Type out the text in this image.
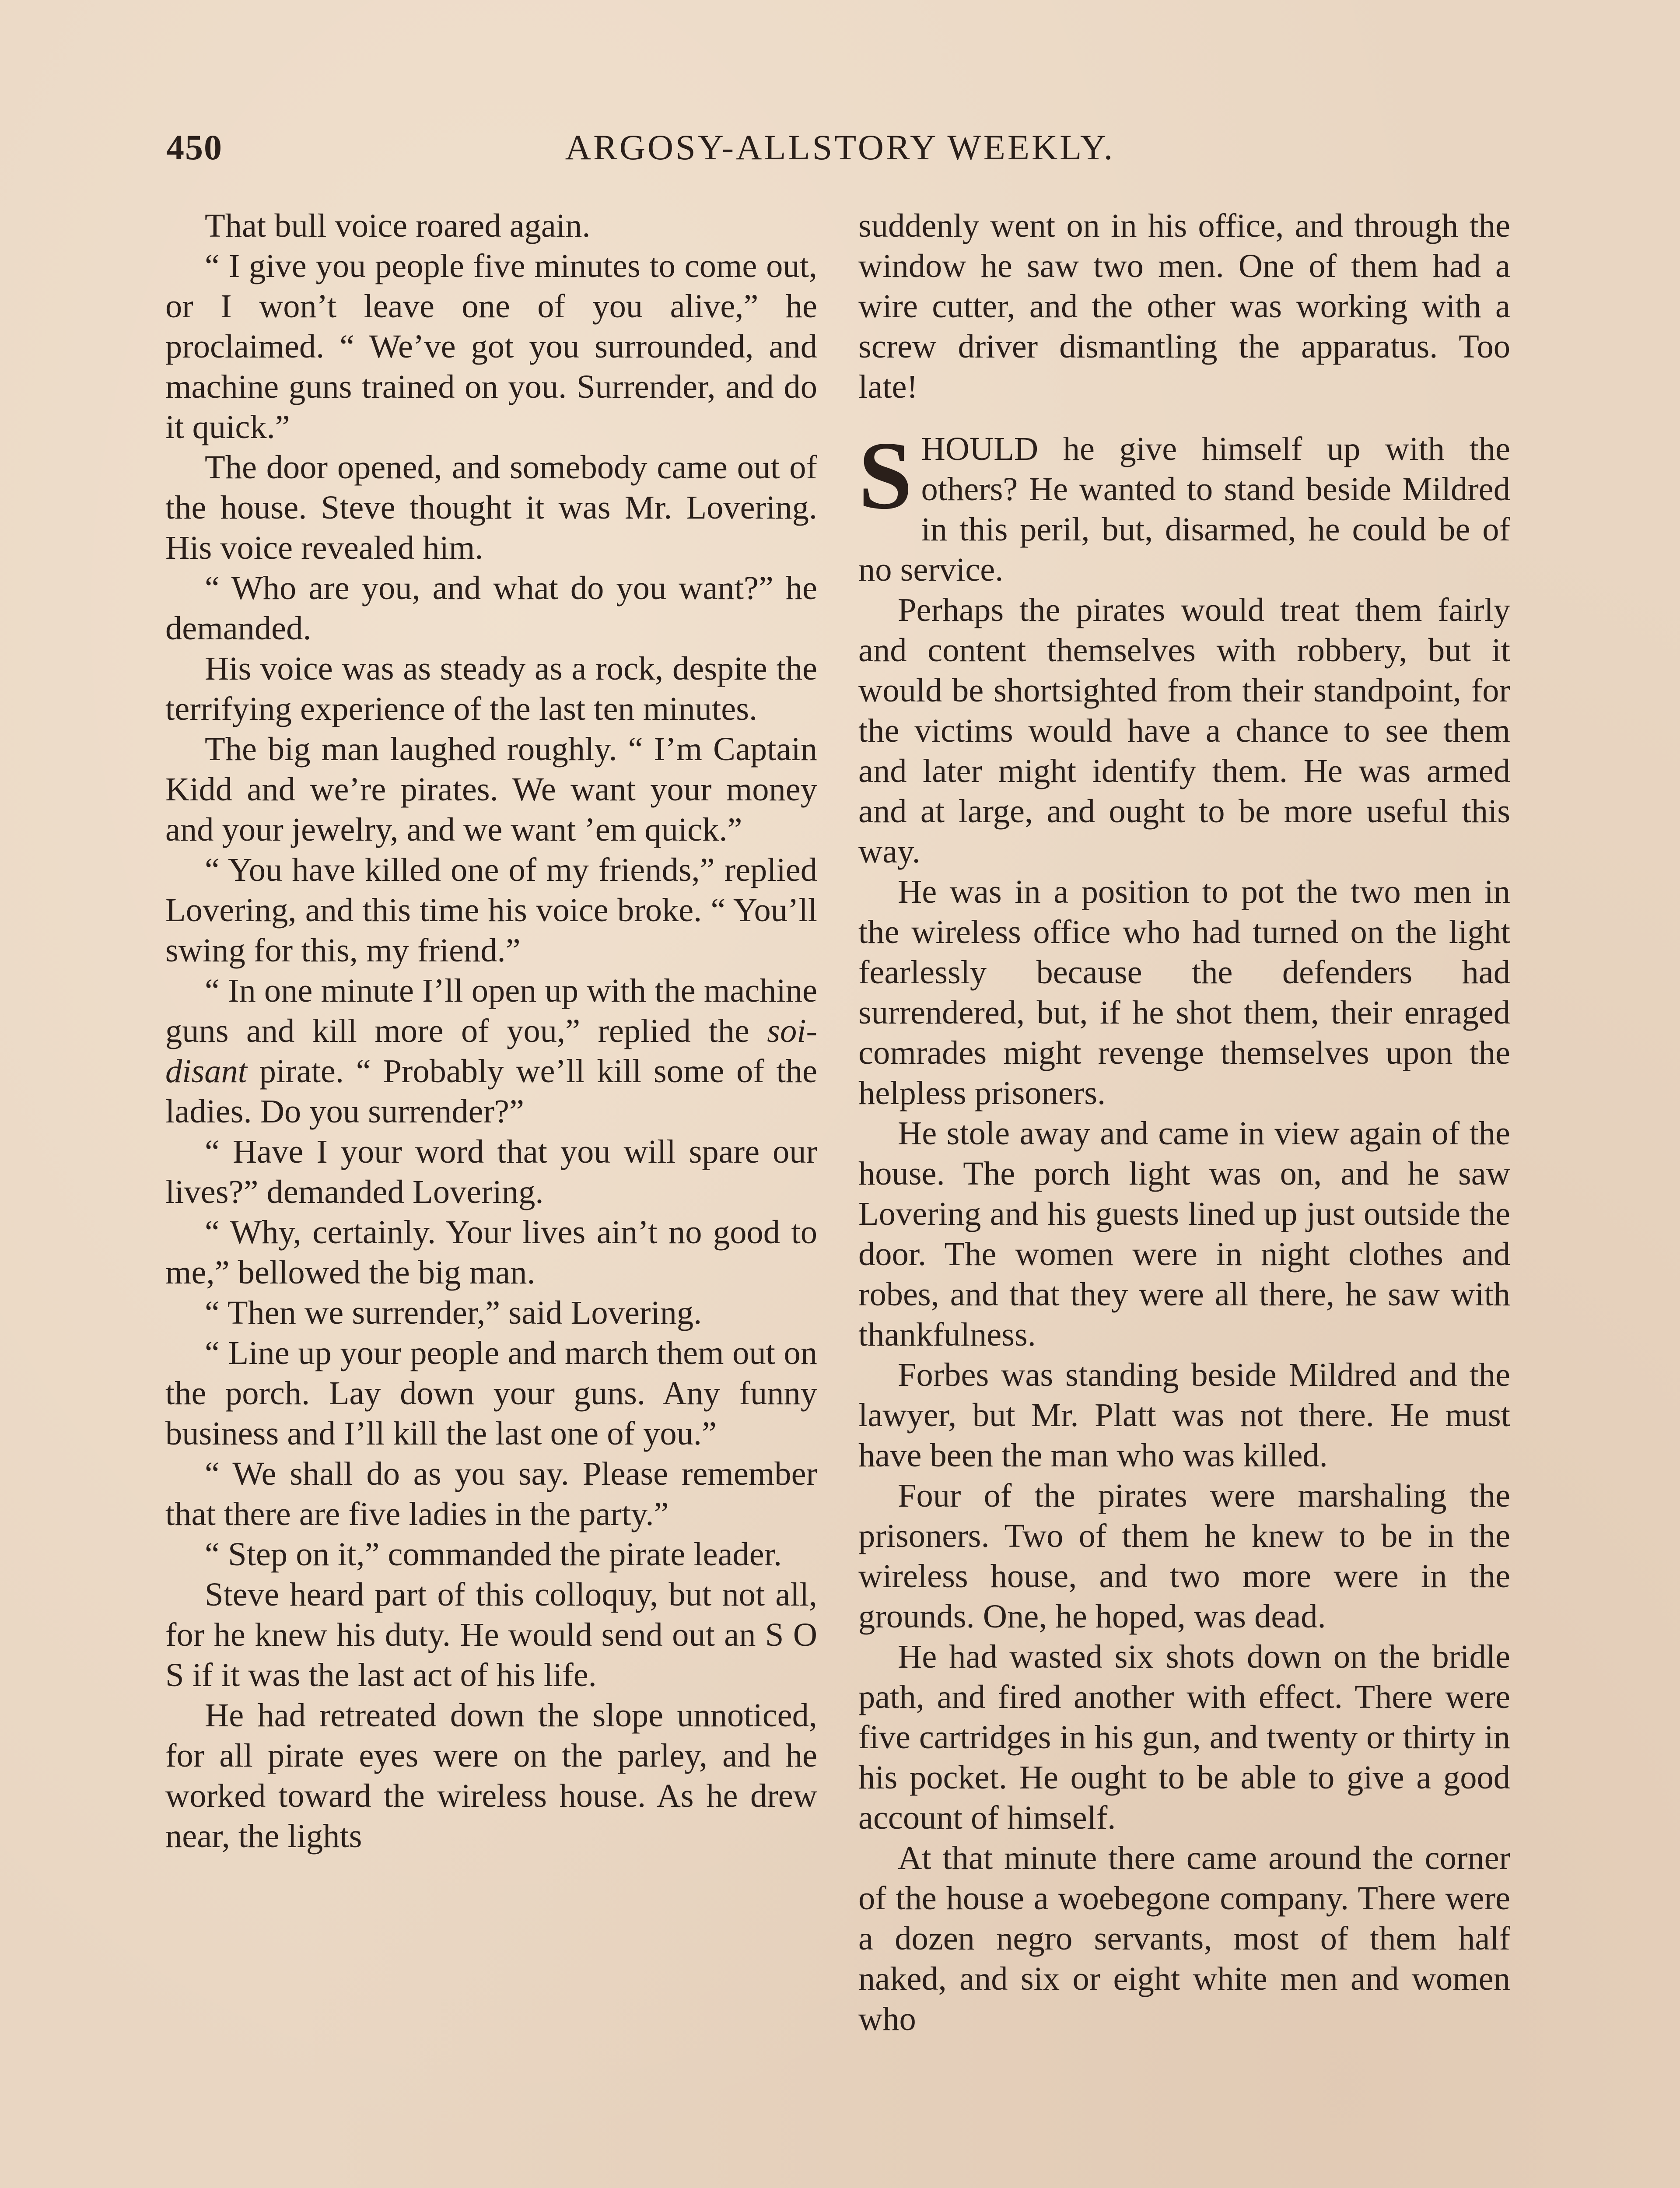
450	ARGOSY-ALLSTORY WEEKLY.

That bull voice roared again.

“ I give you people five minutes to come out, or I won’t leave one of you alive,” he proclaimed. “ We’ve got you surrounded, and machine guns trained on you. Surrender, and do it quick.”

The door opened, and somebody came out of the house. Steve thought it was Mr. Lovering. His voice revealed him.

“ Who are you, and what do you want?” he demanded.

His voice was as steady as a rock, despite the terrifying experience of the last ten minutes.

The big man laughed roughly. “ I’m Captain Kidd and we’re pirates. We want your money and your jewelry, and we want ’em quick.”

“ You have killed one of my friends,” replied Lovering, and this time his voice broke. “ You’ll swing for this, my friend.”

“ In one minute I’ll open up with the machine guns and kill more of you,” replied the soi-disant pirate. “ Probably we’ll kill some of the ladies. Do you surrender?”

“ Have I your word that you will spare our lives?” demanded Lovering.

“ Why, certainly. Your lives ain’t no good to me,” bellowed the big man.

“ Then we surrender,” said Lovering.

“ Line up your people and march them out on the porch. Lay down your guns. Any funny business and I’ll kill the last one of you.”

“ We shall do as you say. Please remember that there are five ladies in the party.”

“ Step on it,” commanded the pirate leader.

Steve heard part of this colloquy, but not all, for he knew his duty. He would send out an S O S if it was the last act of his life.

He had retreated down the slope unnoticed, for all pirate eyes were on the parley, and he worked toward the wireless house. As he drew near, the lights

suddenly went on in his office, and through the window he saw two men. One of them had a wire cutter, and the other was working with a screw driver dismantling the apparatus. Too late!

SHOULD he give himself up with the others? He wanted to stand beside Mildred in this peril, but, disarmed, he could be of no service.

Perhaps the pirates would treat them fairly and content themselves with robbery, but it would be shortsighted from their standpoint, for the victims would have a chance to see them and later might identify them. He was armed and at large, and ought to be more useful this way.

He was in a position to pot the two men in the wireless office who had turned on the light fearlessly because the defenders had surrendered, but, if he shot them, their enraged comrades might revenge themselves upon the helpless prisoners.

He stole away and came in view again of the house. The porch light was on, and he saw Lovering and his guests lined up just outside the door. The women were in night clothes and robes, and that they were all there, he saw with thankfulness.

Forbes was standing beside Mildred and the lawyer, but Mr. Platt was not there. He must have been the man who was killed.

Four of the pirates were marshaling the prisoners. Two of them he knew to be in the wireless house, and two more were in the grounds. One, he hoped, was dead.

He had wasted six shots down on the bridle path, and fired another with effect. There were five cartridges in his gun, and twenty or thirty in his pocket. He ought to be able to give a good account of himself.

At that minute there came around the corner of the house a woebegone company. There were a dozen negro servants, most of them half naked, and six or eight white men and women who
